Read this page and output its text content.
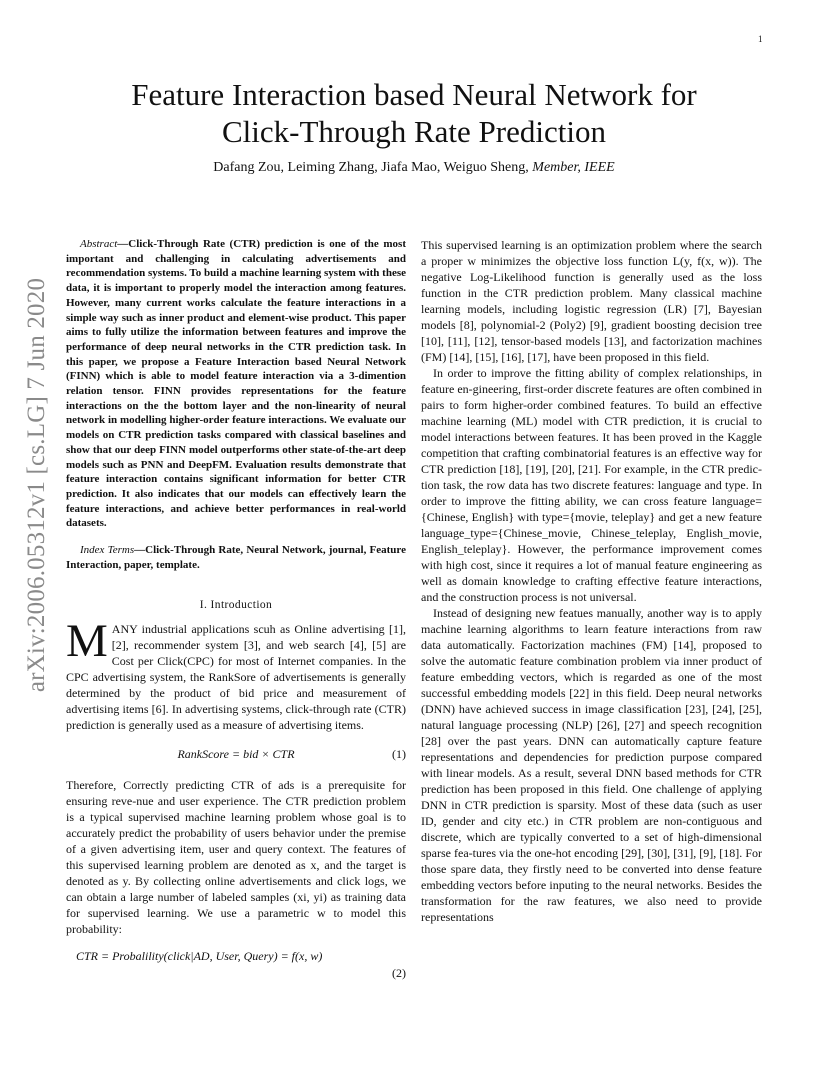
1
arXiv:2006.05312v1 [cs.LG] 7 Jun 2020
Feature Interaction based Neural Network for
Click-Through Rate Prediction
Dafang Zou, Leiming Zhang, Jiafa Mao, Weiguo Sheng, Member, IEEE

Abstract—Click-Through Rate (CTR) prediction is one of the most important and challenging in calculating advertisements and recommendation systems. To build a machine learning system with these data, it is important to properly model the interaction among features. However, many current works calculate the feature interactions in a simple way such as inner product and element-wise product. This paper aims to fully utilize the information between features and improve the performance of deep neural networks in the CTR prediction task. In this paper, we propose a Feature Interaction based Neural Network (FINN) which is able to model feature interaction via a 3-dimention relation tensor. FINN provides representations for the feature interactions on the the bottom layer and the non-linearity of neural network in modelling higher-order feature interactions. We evaluate our models on CTR prediction tasks compared with classical baselines and show that our deep FINN model outperforms other state-of-the-art deep models such as PNN and DeepFM. Evaluation results demonstrate that feature interaction contains significant information for better CTR prediction. It also indicates that our models can effectively learn the feature interactions, and achieve better performances in real-world datasets.

Index Terms—Click-Through Rate, Neural Network, journal, Feature Interaction, paper, template.

I. Introduction

MANY industrial applications scuh as Online advertising [1], [2], recommender system [3], and web search [4], [5] are Cost per Click(CPC) for most of Internet companies. In the CPC advertising system, the RankSore of advertisements is generally determined by the product of bid price and measurement of advertising items [6]. In advertising systems, click-through rate (CTR) prediction is generally used as a measure of advertising items.

RankScore = bid × CTR	(1)

Therefore, Correctly predicting CTR of ads is a prerequisite for ensuring reve-nue and user experience. The CTR prediction problem is a typical supervised machine learning problem whose goal is to accurately predict the probability of users behavior under the premise of a given advertising item, user and query context. The features of this supervised learning problem are denoted as x, and the target is denoted as y. By collecting online advertisements and click logs, we can obtain a large number of labeled samples (xi, yi) as training data for supervised learning. We use a parametric w to model this probability:

CTR = Probalility(click|AD, User, Query) = f(x, w)
(2)

This supervised learning is an optimization problem where the search a proper w minimizes the objective loss function L(y, f(x, w)). The negative Log-Likelihood function is generally used as the loss function in the CTR prediction problem. Many classical machine learning models, including logistic regression (LR) [7], Bayesian models [8], polynomial-2 (Poly2) [9], gradient boosting decision tree [10], [11], [12], tensor-based models [13], and factorization machines (FM) [14], [15], [16], [17], have been proposed in this field.

In order to improve the fitting ability of complex relationships, in feature en-gineering, first-order discrete features are often combined in pairs to form higher-order combined features. To build an effective machine learning (ML) model with CTR prediction, it is crucial to model interactions between features. It has been proved in the Kaggle competition that crafting combinatorial features is an effective way for CTR prediction [18], [19], [20], [21]. For example, in the CTR predic-tion task, the row data has two discrete features: language and type. In order to improve the fitting ability, we can cross feature language={Chinese, English} with type={movie, teleplay} and get a new feature language_type={Chinese_movie, Chinese_teleplay, English_movie, English_teleplay}. However, the performance improvement comes with high cost, since it requires a lot of manual feature engineering as well as domain knowledge to crafting effective feature interactions, and the construction process is not universal.

Instead of designing new featues manually, another way is to apply machine learning algorithms to learn feature interactions from raw data automatically. Factorization machines (FM) [14], proposed to solve the automatic feature combination problem via inner product of feature embedding vectors, which is regarded as one of the most successful embedding models [22] in this field. Deep neural networks (DNN) have achieved success in image classification [23], [24], [25], natural language processing (NLP) [26], [27] and speech recognition [28] over the past years. DNN can automatically capture feature representations and dependencies for prediction purpose compared with linear models. As a result, several DNN based methods for CTR prediction has been proposed in this field. One challenge of applying DNN in CTR prediction is sparsity. Most of these data (such as user ID, gender and city etc.) in CTR problem are non-contiguous and discrete, which are typically converted to a set of high-dimensional sparse fea-tures via the one-hot encoding [29], [30], [31], [9], [18]. For those spare data, they firstly need to be converted into dense feature embedding vectors before inputing to the neural networks. Besides the transformation for the raw features, we also need to provide representations
